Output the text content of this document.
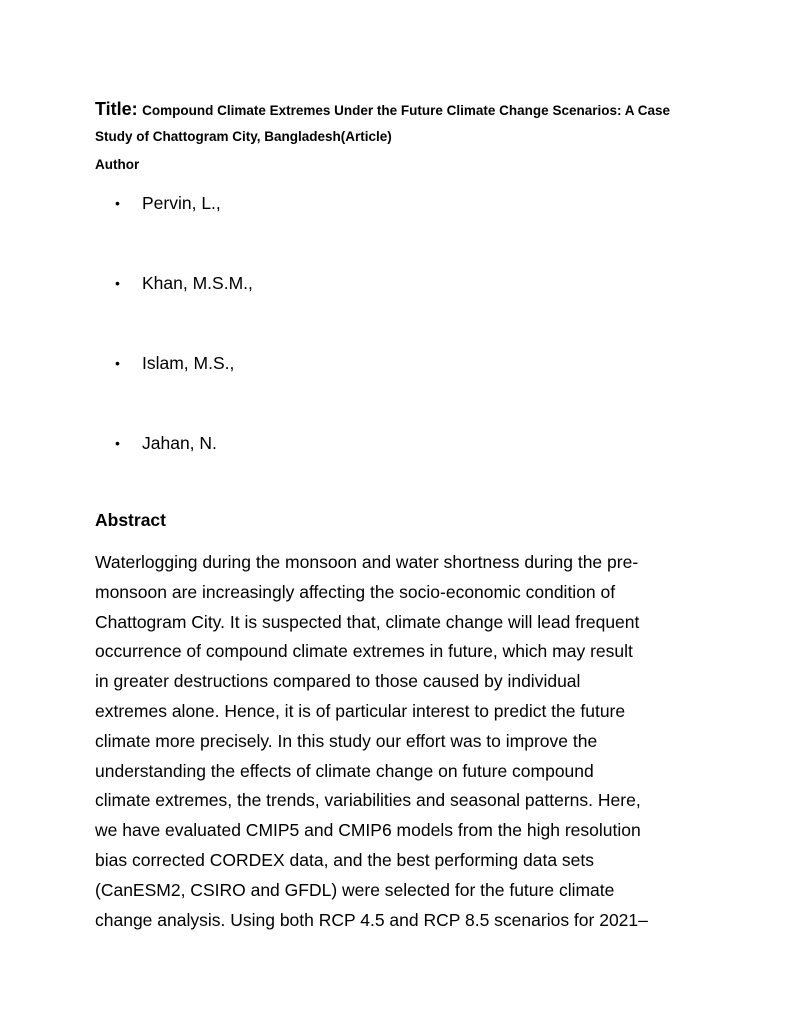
Title: Compound Climate Extremes Under the Future Climate Change Scenarios: A Case Study of Chattogram City, Bangladesh(Article)
Author
• Pervin, L.,
• Khan, M.S.M.,
• Islam, M.S.,
• Jahan, N.
Abstract

Waterlogging during the monsoon and water shortness during the pre-
monsoon are increasingly affecting the socio-economic condition of
Chattogram City. It is suspected that, climate change will lead frequent
occurrence of compound climate extremes in future, which may result
in greater destructions compared to those caused by individual
extremes alone. Hence, it is of particular interest to predict the future
climate more precisely. In this study our effort was to improve the
understanding the effects of climate change on future compound
climate extremes, the trends, variabilities and seasonal patterns. Here,
we have evaluated CMIP5 and CMIP6 models from the high resolution
bias corrected CORDEX data, and the best performing data sets
(CanESM2, CSIRO and GFDL) were selected for the future climate
change analysis. Using both RCP 4.5 and RCP 8.5 scenarios for 2021–
